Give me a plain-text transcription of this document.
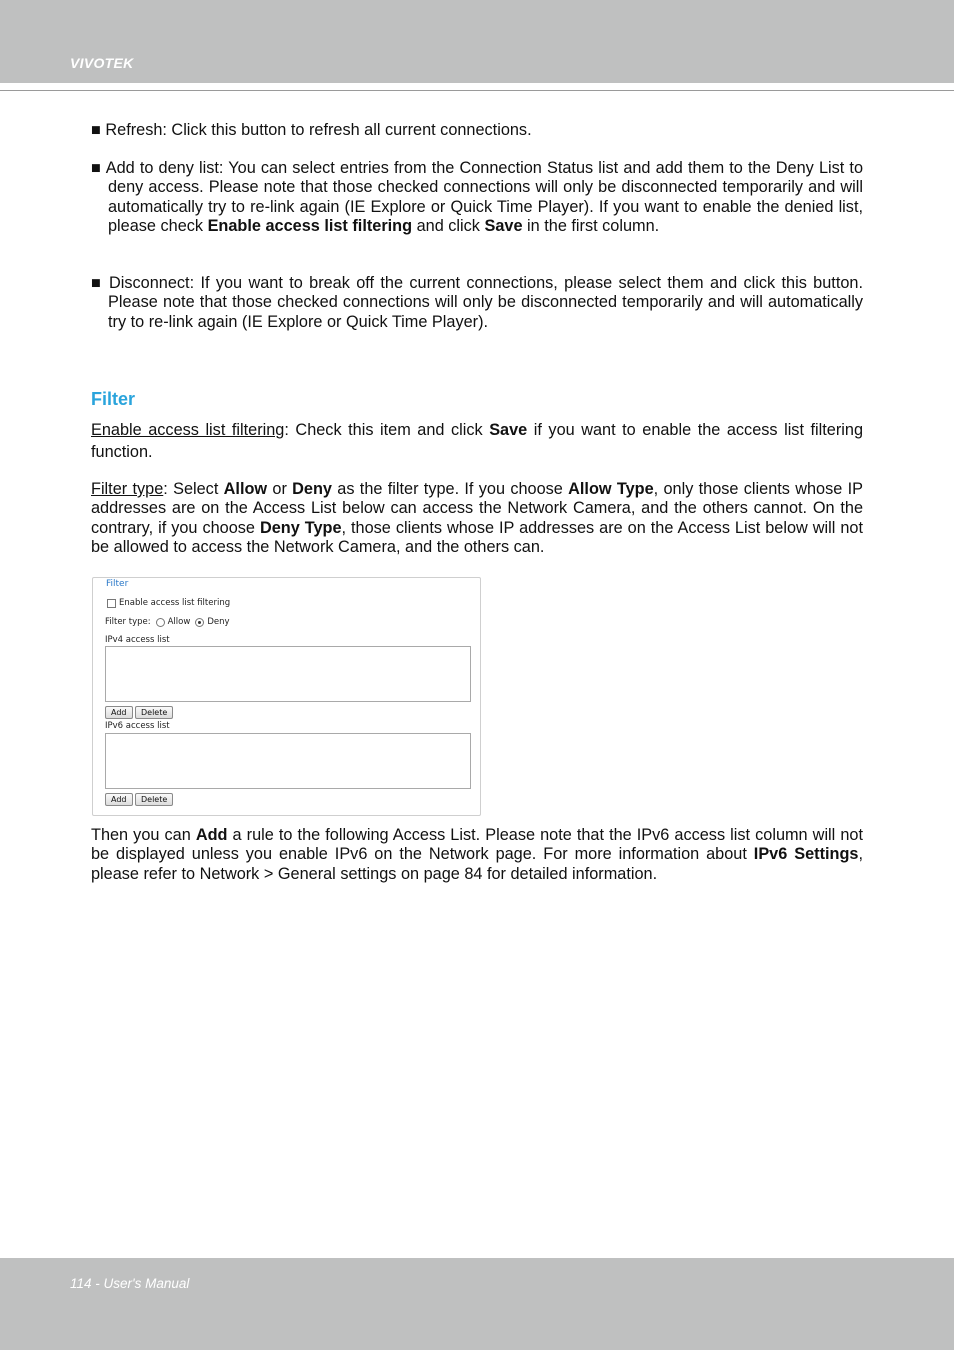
VIVOTEK
■ Refresh: Click this button to refresh all current connections.
■ Add to deny list: You can select entries from the Connection Status list and add them to the Deny List to deny access. Please note that those checked connections will only be disconnected temporarily and will automatically try to re-link again (IE Explore or Quick Time Player). If you want to enable the denied list, please check Enable access list filtering and click Save in the first column.
■ Disconnect: If you want to break off the current connections, please select them and click this button. Please note that those checked connections will only be disconnected temporarily and will automatically try to re-link again (IE Explore or Quick Time Player).
Filter
Enable access list filtering: Check this item and click Save if you want to enable the access list filtering function.
Filter type: Select Allow or Deny as the filter type. If you choose Allow Type, only those clients whose IP addresses are on the Access List below can access the Network Camera, and the others cannot. On the contrary, if you choose Deny Type, those clients whose IP addresses are on the Access List below will not be allowed to access the Network Camera, and the others can.
Then you can Add a rule to the following Access List. Please note that the IPv6 access list column will not be displayed unless you enable IPv6 on the Network page. For more information about IPv6 Settings, please refer to Network > General settings on page 84 for detailed information.
Filter
Enable access list filtering
Filter type: Allow Deny
IPv4 access list
Add	Delete
IPv6 access list
Add	Delete
114 - User's Manual
